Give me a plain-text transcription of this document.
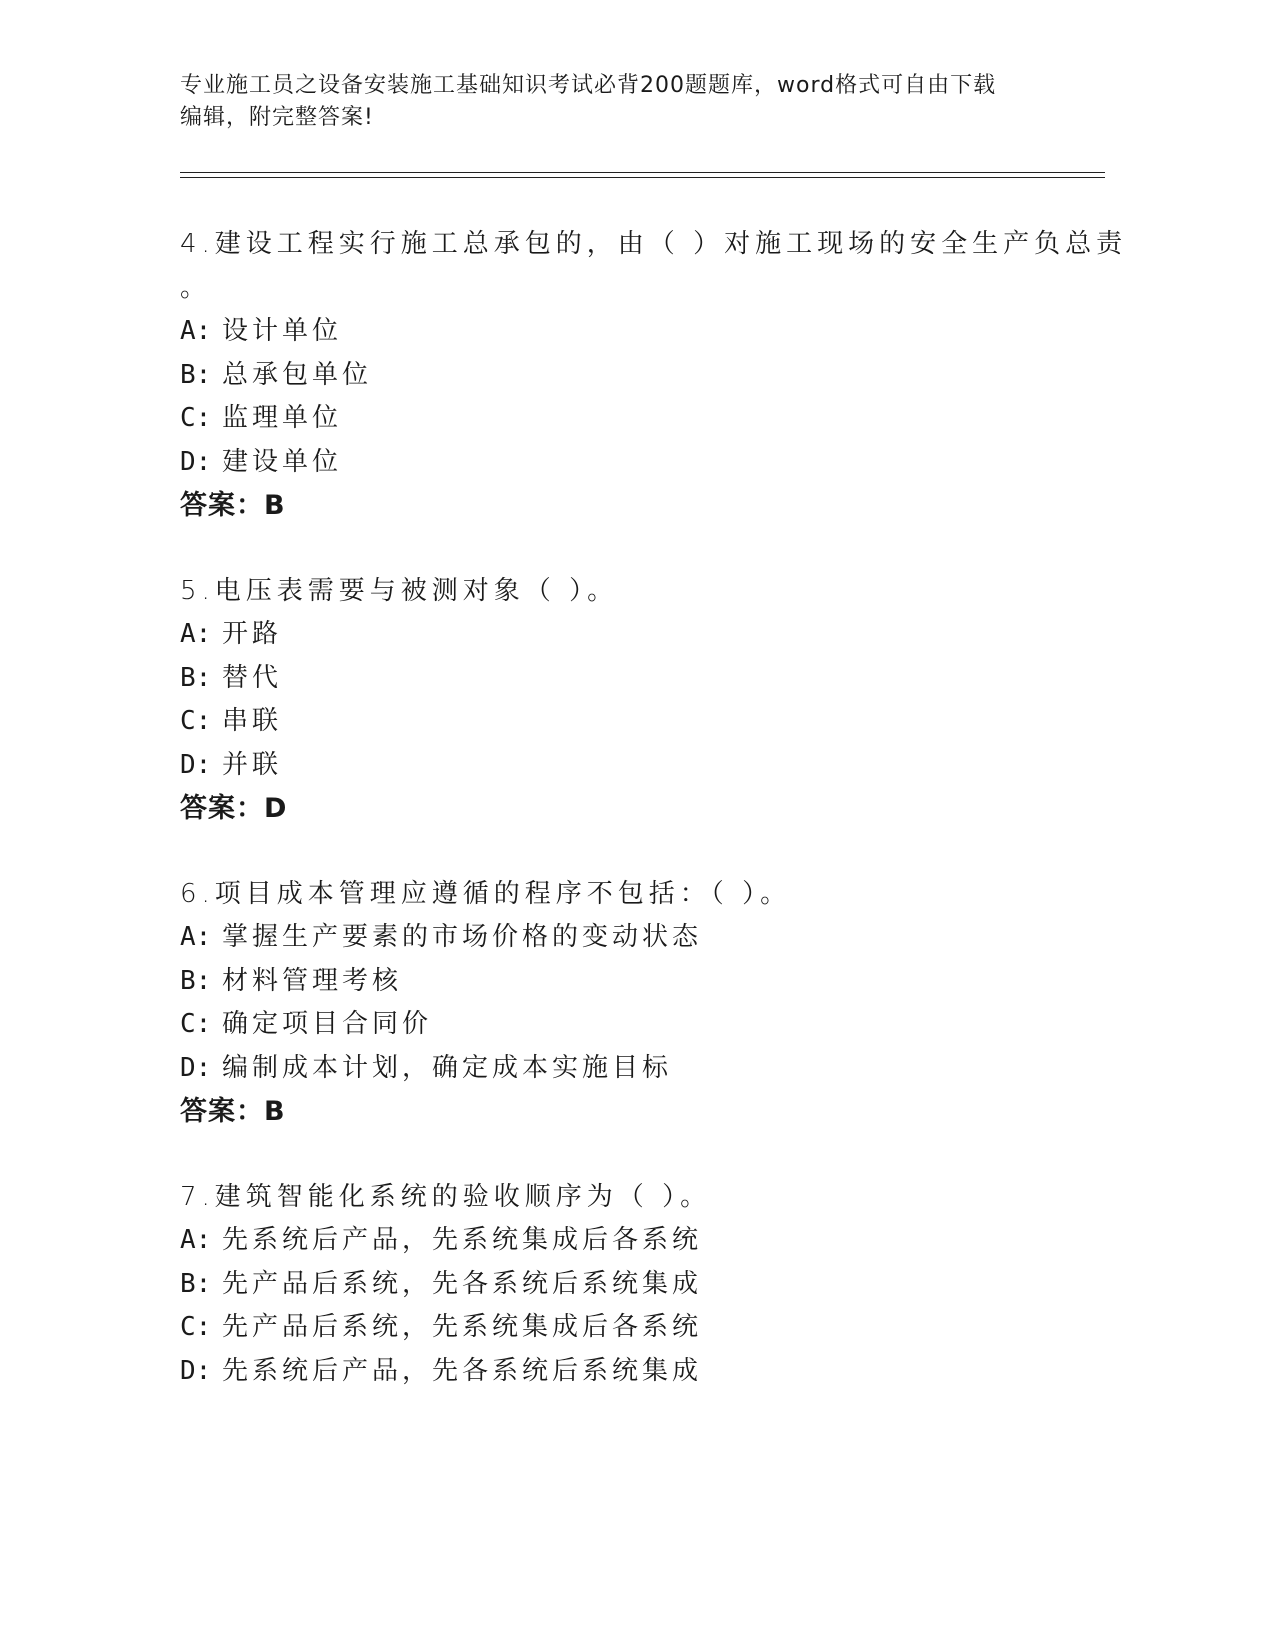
专业施工员之设备安装施工基础知识考试必背200题题库，word格式可自由下载
编辑，附完整答案!
4.建设工程实行施工总承包的，由（ ）对施工现场的安全生产负总责
。
A: 设计单位
B: 总承包单位
C: 监理单位
D: 建设单位
答案：B
5.电压表需要与被测对象（ ）。
A: 开路
B: 替代
C: 串联
D: 并联
答案：D
6.项目成本管理应遵循的程序不包括：（ ）。
A: 掌握生产要素的市场价格的变动状态
B: 材料管理考核
C: 确定项目合同价
D: 编制成本计划，确定成本实施目标
答案：B
7.建筑智能化系统的验收顺序为（ ）。
A: 先系统后产品，先系统集成后各系统
B: 先产品后系统，先各系统后系统集成
C: 先产品后系统，先系统集成后各系统
D: 先系统后产品，先各系统后系统集成
